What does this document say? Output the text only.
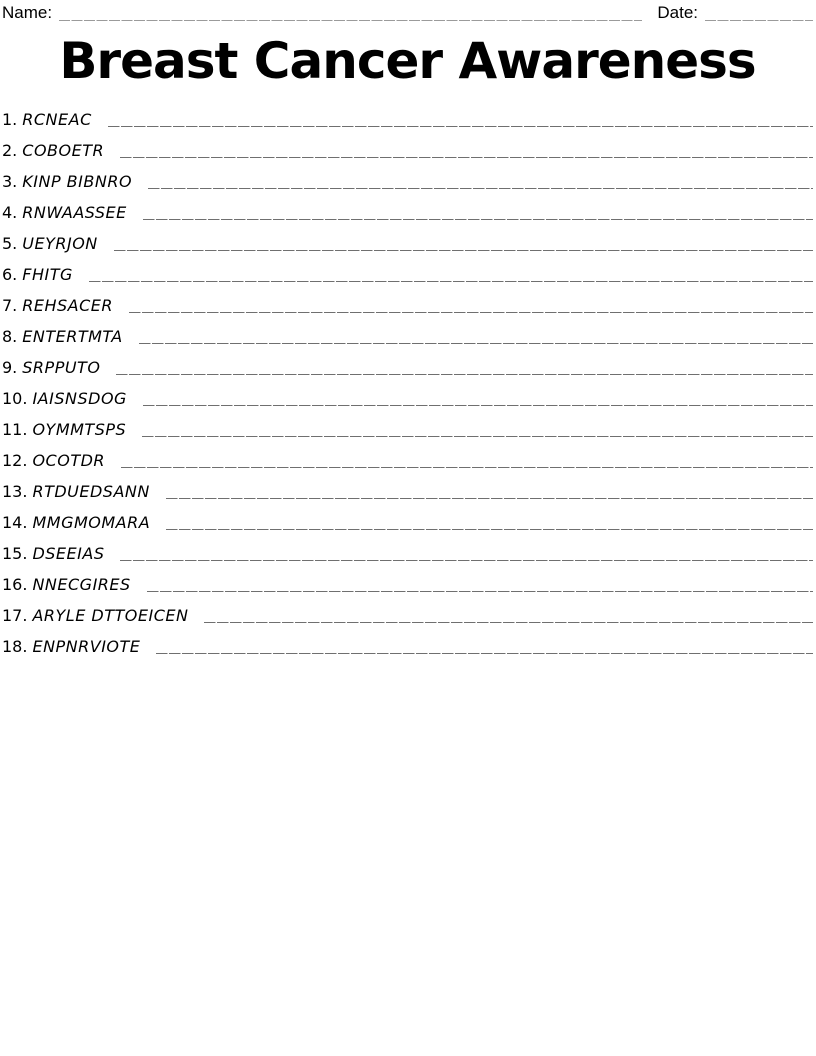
Name:	Date:
Breast Cancer Awareness
1. RCNEAC
2. COBOETR
3. KINP BIBNRO
4. RNWAASSEE
5. UEYRJON
6. FHITG
7. REHSACER
8. ENTERTMTA
9. SRPPUTO
10. IAISNSDOG
11. OYMMTSPS
12. OCOTDR
13. RTDUEDSANN
14. MMGMOMARA
15. DSEEIAS
16. NNECGIRES
17. ARYLE DTTOEICEN
18. ENPNRVIOTE
